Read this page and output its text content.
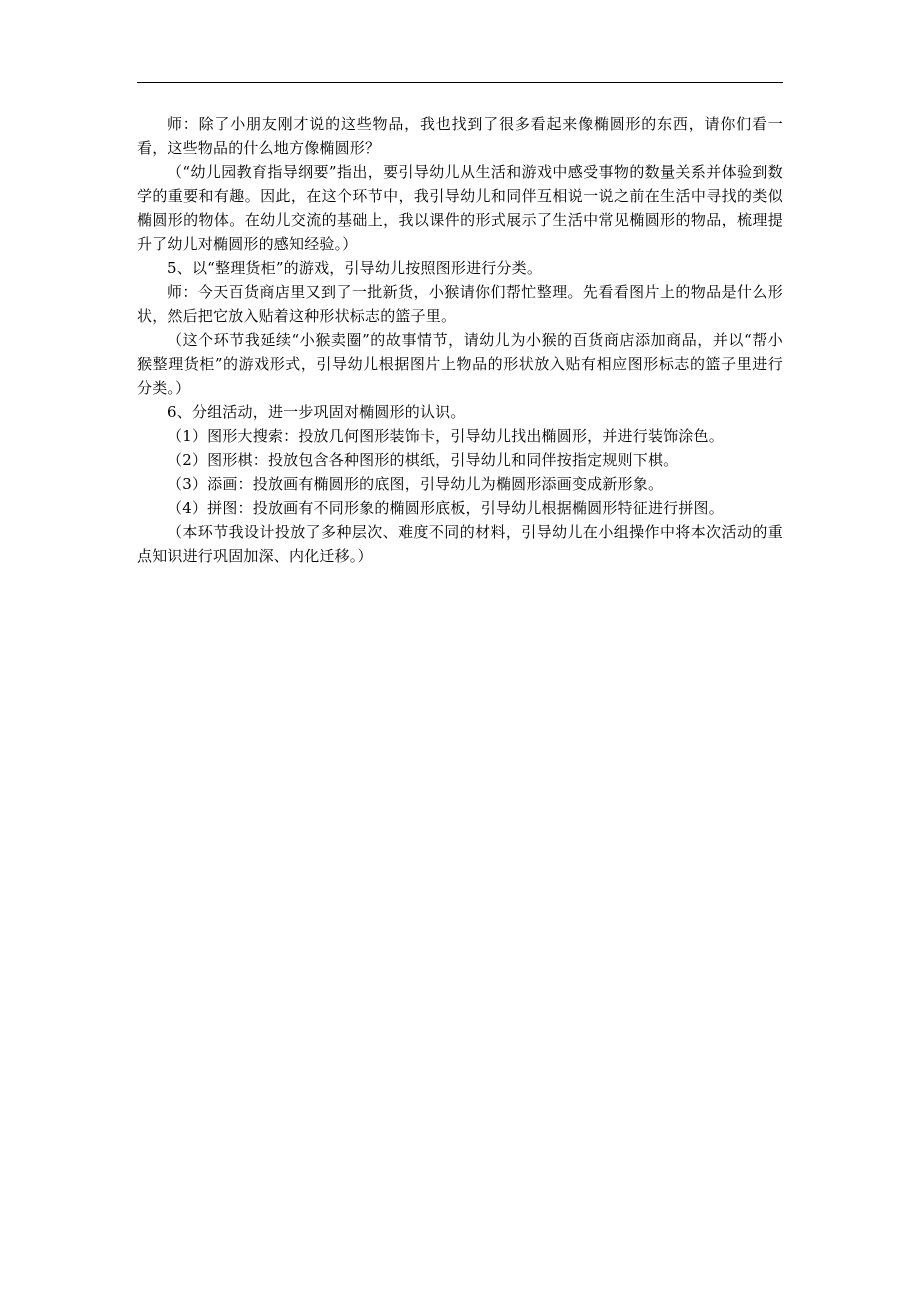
师：除了小朋友刚才说的这些物品，我也找到了很多看起来像椭圆形的东西，请你们看一看，这些物品的什么地方像椭圆形？

（“幼儿园教育指导纲要”指出，要引导幼儿从生活和游戏中感受事物的数量关系并体验到数学的重要和有趣。因此，在这个环节中，我引导幼儿和同伴互相说一说之前在生活中寻找的类似椭圆形的物体。在幼儿交流的基础上，我以课件的形式展示了生活中常见椭圆形的物品，梳理提升了幼儿对椭圆形的感知经验。）

5、以“整理货柜”的游戏，引导幼儿按照图形进行分类。

师：今天百货商店里又到了一批新货，小猴请你们帮忙整理。先看看图片上的物品是什么形状，然后把它放入贴着这种形状标志的篮子里。

（这个环节我延续“小猴卖圈”的故事情节，请幼儿为小猴的百货商店添加商品，并以“帮小猴整理货柜”的游戏形式，引导幼儿根据图片上物品的形状放入贴有相应图形标志的篮子里进行分类。）

6、分组活动，进一步巩固对椭圆形的认识。

（1）图形大搜索：投放几何图形装饰卡，引导幼儿找出椭圆形，并进行装饰涂色。

（2）图形棋：投放包含各种图形的棋纸，引导幼儿和同伴按指定规则下棋。

（3）添画：投放画有椭圆形的底图，引导幼儿为椭圆形添画变成新形象。

（4）拼图：投放画有不同形象的椭圆形底板，引导幼儿根据椭圆形特征进行拼图。

（本环节我设计投放了多种层次、难度不同的材料，引导幼儿在小组操作中将本次活动的重点知识进行巩固加深、内化迁移。）
